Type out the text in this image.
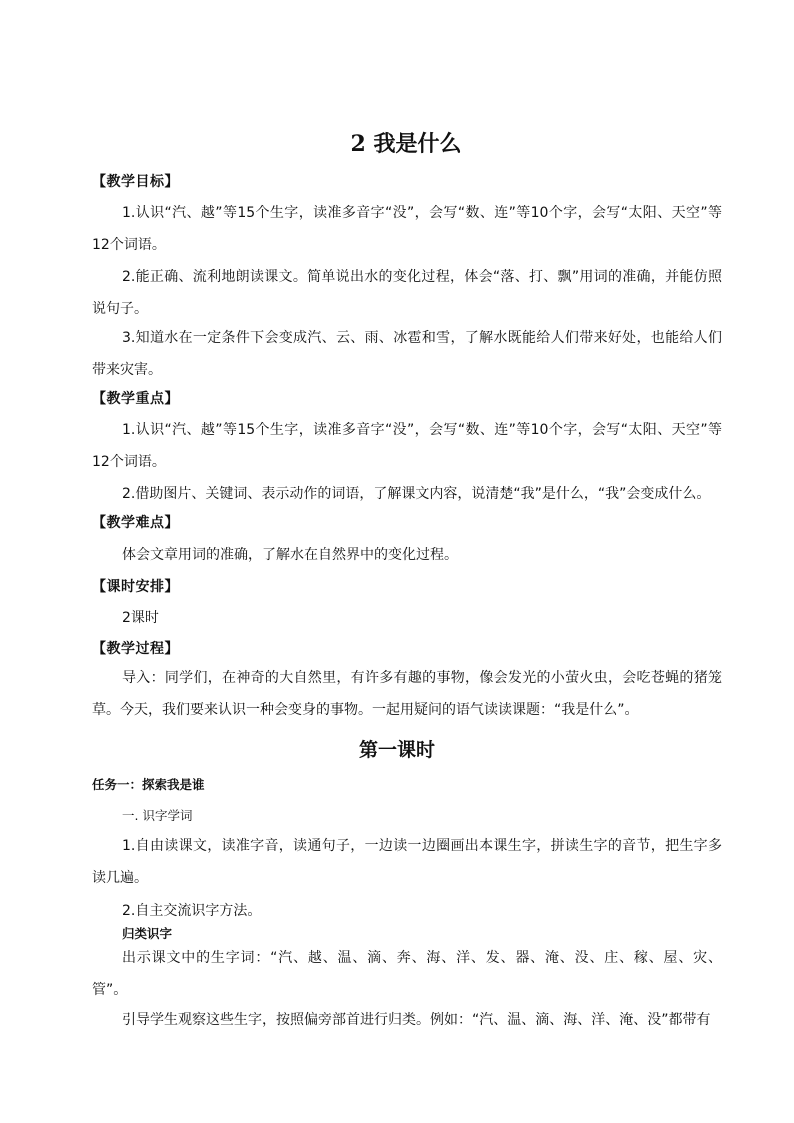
2 我是什么
【教学目标】
1.认识“汽、越”等15个生字，读准多音字“没”，会写“数、连”等10个字，会写“太阳、天空”等12个词语。
2.能正确、流利地朗读课文。简单说出水的变化过程，体会“落、打、飘”用词的准确，并能仿照说句子。
3.知道水在一定条件下会变成汽、云、雨、冰雹和雪，了解水既能给人们带来好处，也能给人们带来灾害。
【教学重点】
1.认识“汽、越”等15个生字，读准多音字“没”，会写“数、连”等10个字，会写“太阳、天空”等12个词语。
2.借助图片、关键词、表示动作的词语，了解课文内容，说清楚“我”是什么，“我”会变成什么。
【教学难点】
体会文章用词的准确，了解水在自然界中的变化过程。
【课时安排】
2课时
【教学过程】
导入：同学们，在神奇的大自然里，有许多有趣的事物，像会发光的小萤火虫，会吃苍蝇的猪笼草。今天，我们要来认识一种会变身的事物。一起用疑问的语气读读课题：“我是什么”。
第一课时
任务一：探索我是谁
一. 识字学词
1.自由读课文，读准字音，读通句子，一边读一边圈画出本课生字，拼读生字的音节，把生字多读几遍。
2.自主交流识字方法。
归类识字
出示课文中的生字词：“汽、越、温、滴、奔、海、洋、发、器、淹、没、庄、稼、屋、灾、管”。
引导学生观察这些生字，按照偏旁部首进行归类。例如：“汽、温、滴、海、洋、淹、没”都带有
